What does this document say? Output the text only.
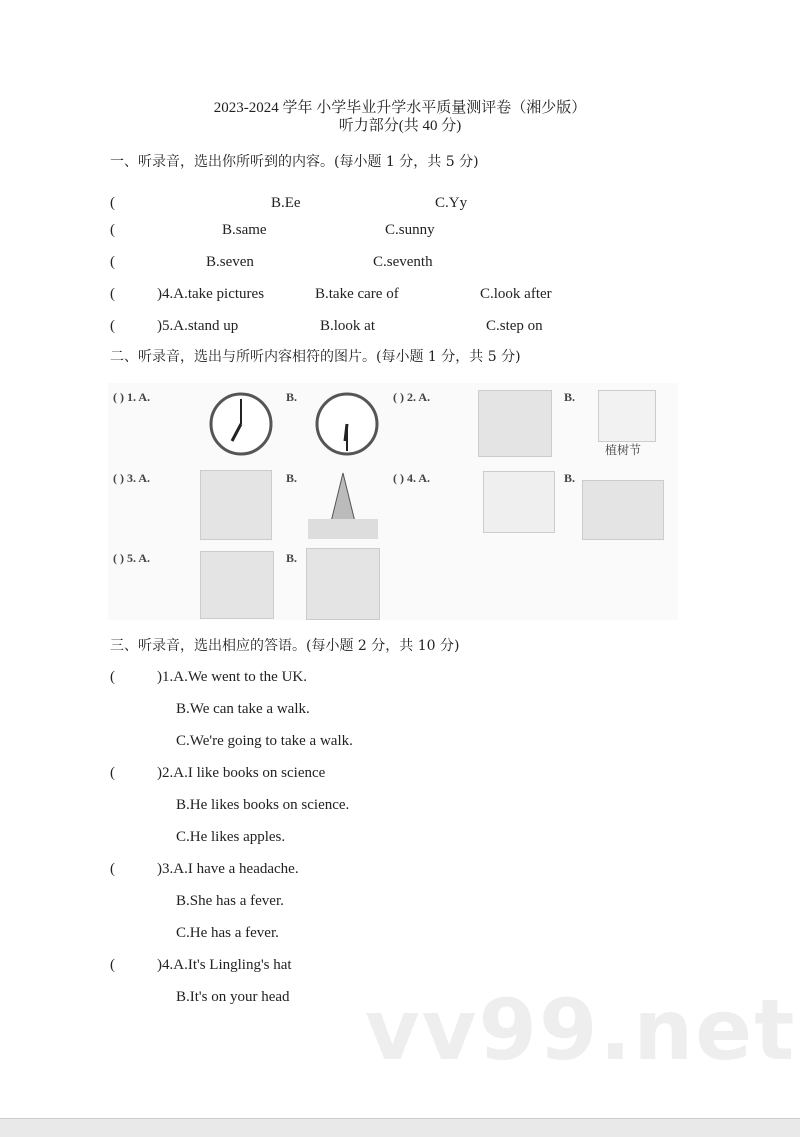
2023-2024 学年 小学毕业升学水平质量测评卷（湘少版）
听力部分(共 40 分)
一、听录音，选出你所听到的内容。(每小题 1 分，共 5 分)
(	B.Ee	C.Yy
(	B.same	C.sunny
(	B.seven	C.seventh
(	)4.A.take pictures	B.take care of	C.look after
(	)5.A.stand up	B.look at	C.step on
二、听录音，选出与所听内容相符的图片。(每小题 1 分，共 5 分)
( ) 1. A.	B.	( ) 2. A.	B.
植树节
( ) 3. A.	B.	( ) 4. A.	B.
( ) 5. A.	B.
三、听录音，选出相应的答语。(每小题 2 分，共 10 分)
(	)1.A.We went to the UK.
B.We can take a walk.
C.We're going to take a walk.
(	)2.A.I like books on science
B.He likes books on science.
C.He likes apples.
(	)3.A.I have a headache.
B.She has a fever.
C.He has a fever.
(	)4.A.It's Lingling's hat
B.It's on your head vv99.net
